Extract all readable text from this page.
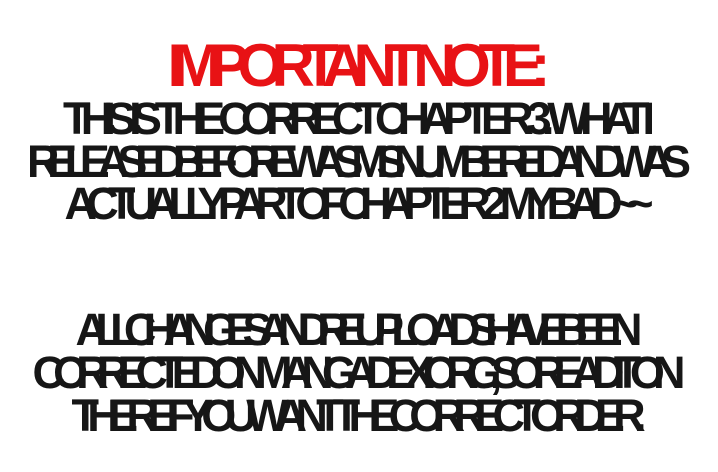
IMPORTANT NOTE:
THIS IS THE CORRECT CHAPTER 3. WHAT I
RELEASED BEFORE WAS MISNUMBERED AND WAS
ACTUALLY PART OF CHAPTER 2. MY BAD~~
ALL CHANGES AND REUPLOADS HAVE BEEN
CORRECTED ON MANGADEX.ORG, SO READ IT ON
THERE IF YOU WANT THE CORRECT ORDER.
